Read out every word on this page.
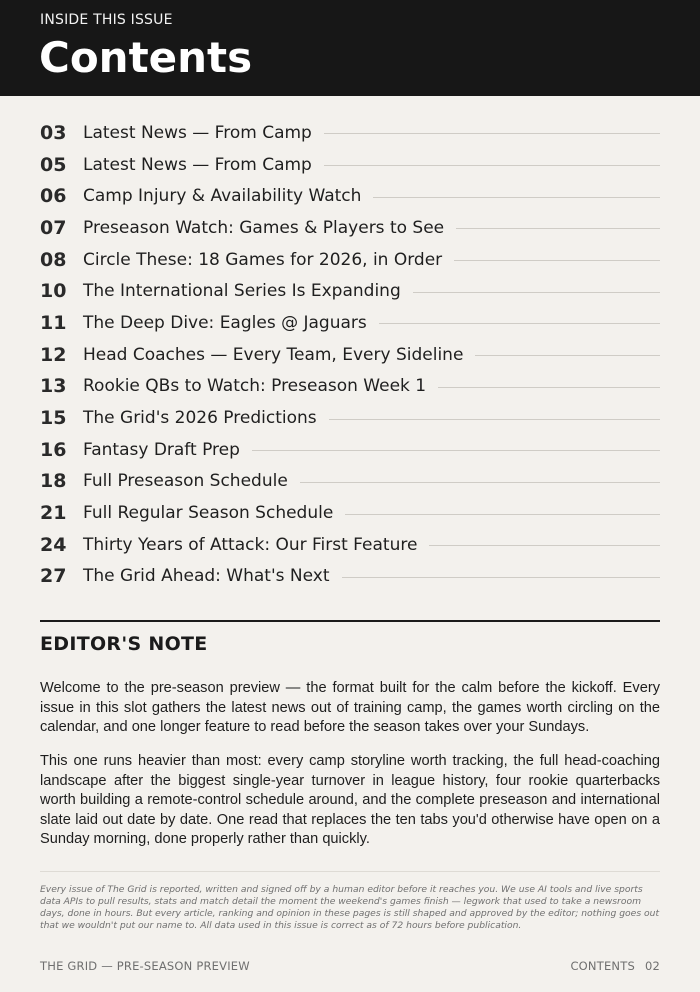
INSIDE THIS ISSUE
Contents
03 Latest News — From Camp
05 Latest News — From Camp
06 Camp Injury & Availability Watch
07 Preseason Watch: Games & Players to See
08 Circle These: 18 Games for 2026, in Order
10 The International Series Is Expanding
11 The Deep Dive: Eagles @ Jaguars
12 Head Coaches — Every Team, Every Sideline
13 Rookie QBs to Watch: Preseason Week 1
15 The Grid's 2026 Predictions
16 Fantasy Draft Prep
18 Full Preseason Schedule
21 Full Regular Season Schedule
24 Thirty Years of Attack: Our First Feature
27 The Grid Ahead: What's Next
EDITOR'S NOTE

Welcome to the pre-season preview — the format built for the calm before the kickoff. Every issue in this slot gathers the latest news out of training camp, the games worth circling on the calendar, and one longer feature to read before the season takes over your Sundays.

This one runs heavier than most: every camp storyline worth tracking, the full head-coaching landscape after the biggest single-year turnover in league history, four rookie quarterbacks worth building a remote-control schedule around, and the complete preseason and international slate laid out date by date. One read that replaces the ten tabs you'd otherwise have open on a Sunday morning, done properly rather than quickly.

Every issue of The Grid is reported, written and signed off by a human editor before it reaches you. We use AI tools and live sports data APIs to pull results, stats and match detail the moment the weekend's games finish — legwork that used to take a newsroom days, done in hours. But every article, ranking and opinion in these pages is still shaped and approved by the editor; nothing goes out that we wouldn't put our name to. All data used in this issue is correct as of 72 hours before publication.

THE GRID — PRE-SEASON PREVIEW	CONTENTS 02
